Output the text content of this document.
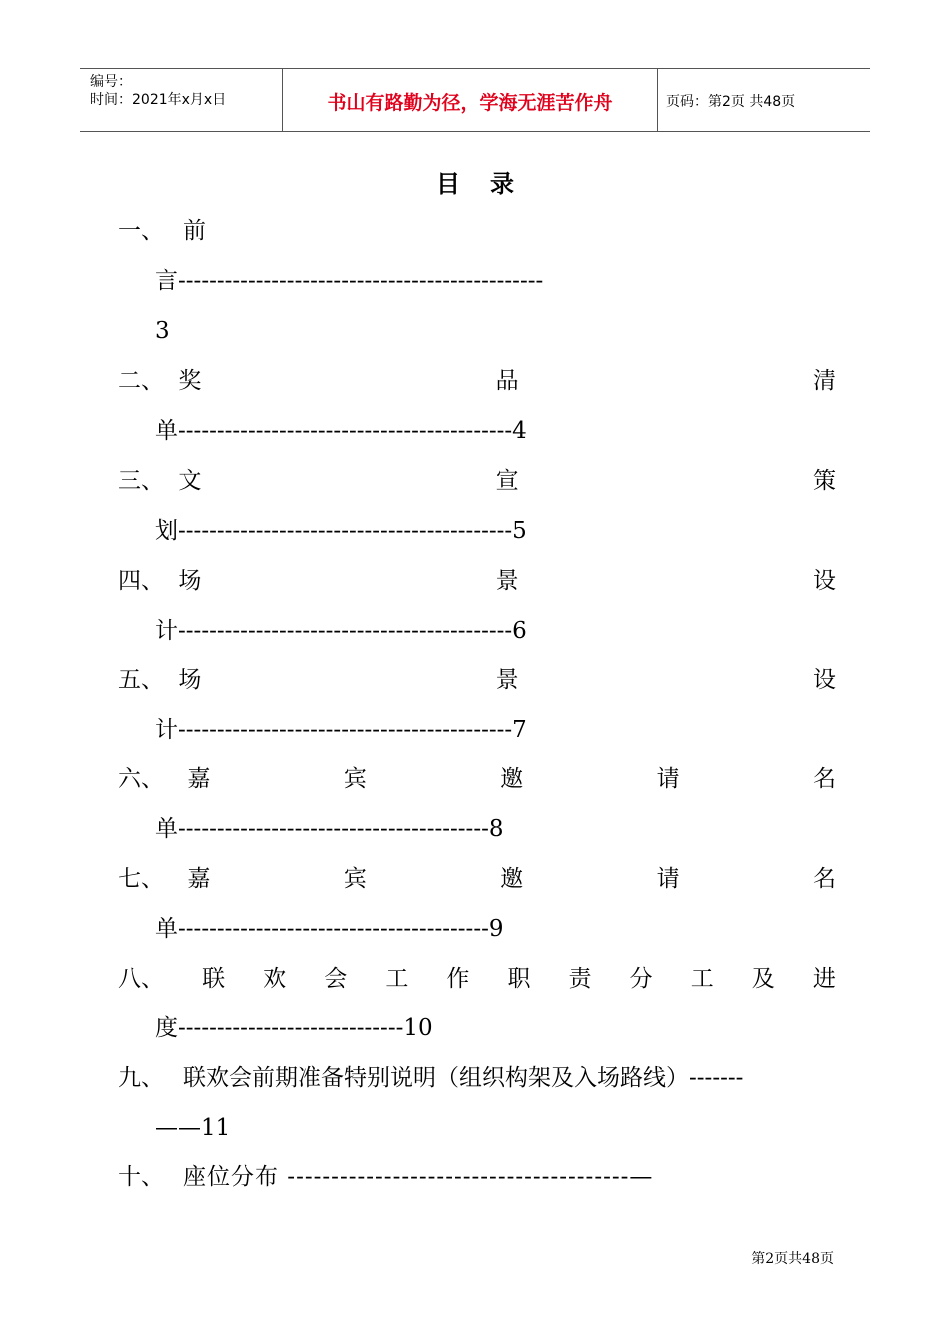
编号：
时间：2021年x月x日	书山有路勤为径，学海无涯苦作舟	页码：第2页 共48页
目录
一、 前
言-----------------------------------------------
3
二、 奖	品	清
单-------------------------------------------4
三、 文	宣	策
划-------------------------------------------5
四、 场	景	设
计-------------------------------------------6
五、 场	景	设
计-------------------------------------------7
六、 嘉	宾	邀	请	名
单----------------------------------------8
七、 嘉	宾	邀	请	名
单----------------------------------------9
八、 联 欢 会 工 作 职 责 分 工 及 进
度-----------------------------10
九、 联欢会前期准备特别说明（组织构架及入场路线）-------
——11
十、 座位分布 ---------------------------------------—
第2页共48页
